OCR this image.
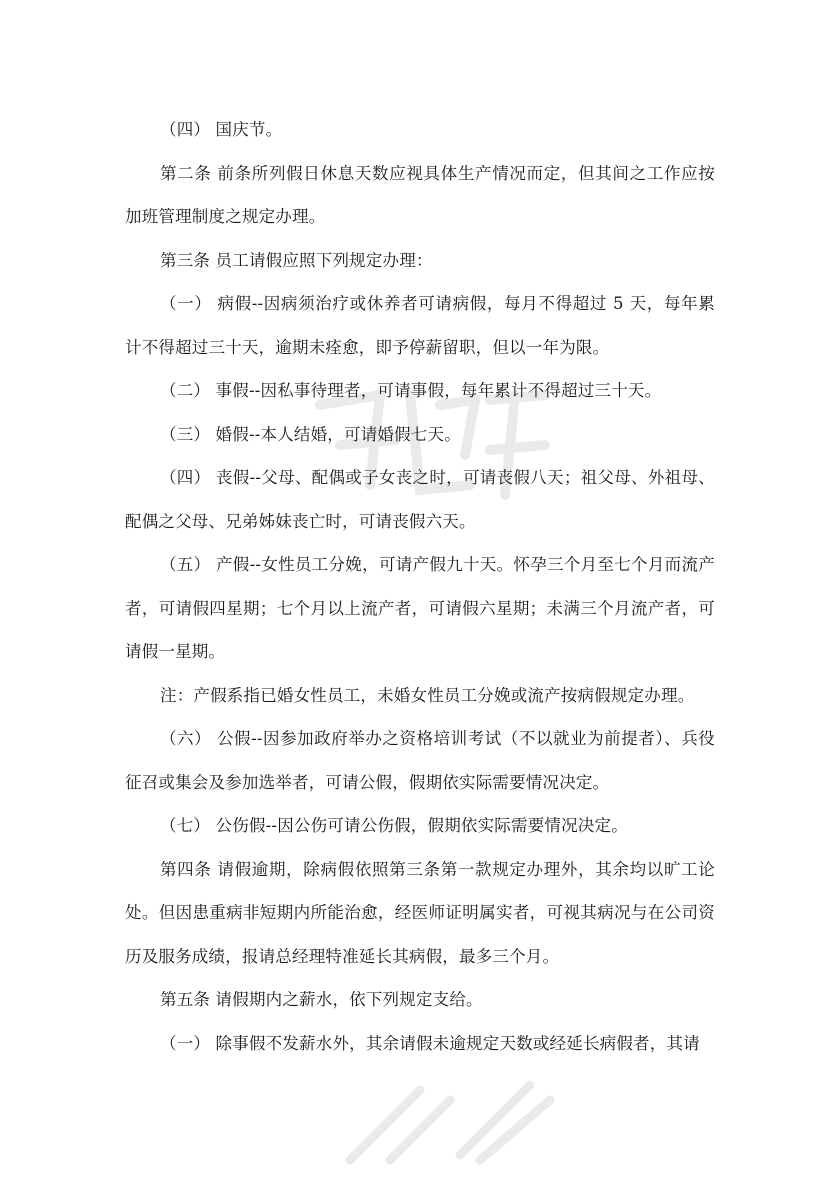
（四） 国庆节。

第二条 前条所列假日休息天数应视具体生产情况而定，但其间之工作应按加班管理制度之规定办理。

第三条 员工请假应照下列规定办理：

（一） 病假--因病须治疗或休养者可请病假，每月不得超过 5 天，每年累计不得超过三十天，逾期未痊愈，即予停薪留职，但以一年为限。

（二） 事假--因私事待理者，可请事假，每年累计不得超过三十天。

（三） 婚假--本人结婚，可请婚假七天。

（四） 丧假--父母、配偶或子女丧之时，可请丧假八天；祖父母、外祖母、配偶之父母、兄弟姊妹丧亡时，可请丧假六天。

（五） 产假--女性员工分娩，可请产假九十天。怀孕三个月至七个月而流产者，可请假四星期；七个月以上流产者，可请假六星期；未满三个月流产者，可请假一星期。

注：产假系指已婚女性员工，未婚女性员工分娩或流产按病假规定办理。

（六） 公假--因参加政府举办之资格培训考试（不以就业为前提者）、兵役征召或集会及参加选举者，可请公假，假期依实际需要情况决定。

（七） 公伤假--因公伤可请公伤假，假期依实际需要情况决定。

第四条 请假逾期，除病假依照第三条第一款规定办理外，其余均以旷工论处。但因患重病非短期内所能治愈，经医师证明属实者，可视其病况与在公司资历及服务成绩，报请总经理特准延长其病假，最多三个月。

第五条 请假期内之薪水，依下列规定支给。

（一） 除事假不发薪水外，其余请假未逾规定天数或经延长病假者，其请
